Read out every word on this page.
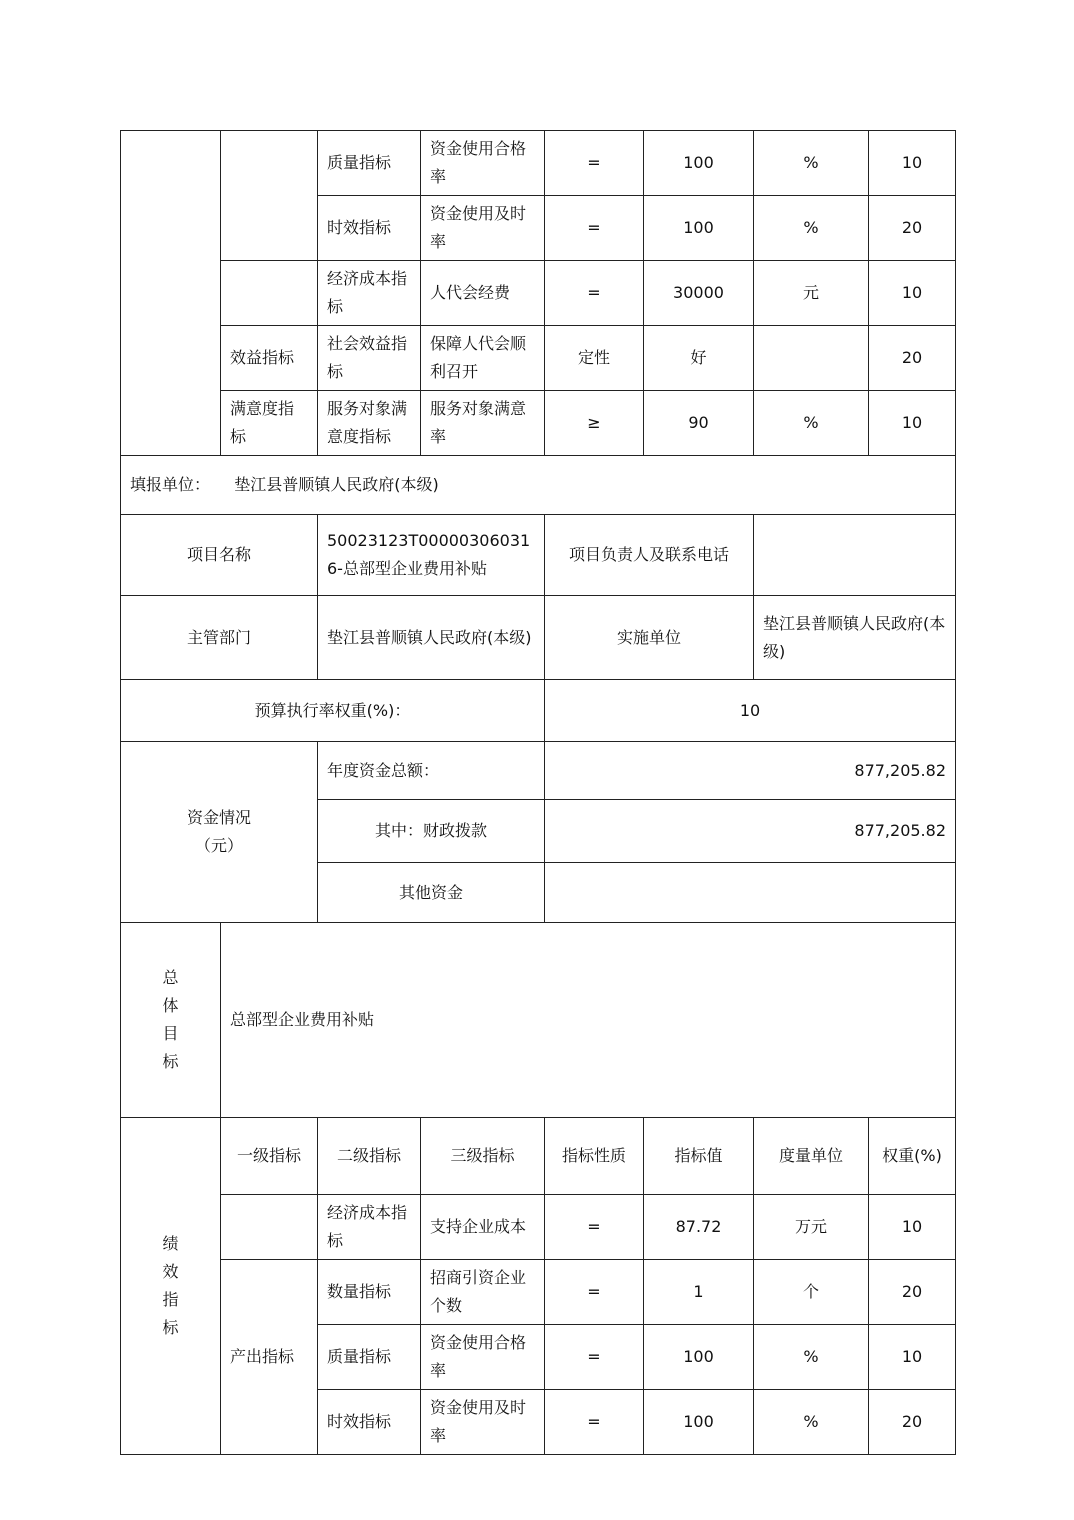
		质量指标	资金使用合格率	=	100	%	10
		时效指标	资金使用及时率	=	100	%	20
		经济成本指标	人代会经费	=	30000	元	10
	效益指标	社会效益指标	保障人代会顺利召开	定性	好		20
	满意度指标	服务对象满意度指标	服务对象满意率	≥	90	%	10
填报单位： 垫江县普顺镇人民政府(本级)							
项目名称		50023123T000003060316-总部型企业费用补贴		项目负责人及联系电话			
主管部门		垫江县普顺镇人民政府(本级)		实施单位		垫江县普顺镇人民政府(本级)	
预算执行率权重(%)：				10			

资金情况
（元）		年度资金总额：		877,205.82			
		其中：财政拨款		877,205.82			
		其他资金					

总
体
目
标	总部型企业费用补贴						

绩
效
指
标	一级指标	二级指标	三级指标	指标性质	指标值	度量单位	权重(%)
		经济成本指标	支持企业成本	=	87.72	万元	10
	产出指标	数量指标	招商引资企业个数	=	1	个	20
		质量指标	资金使用合格率	=	100	%	10
		时效指标	资金使用及时率	=	100	%	20
